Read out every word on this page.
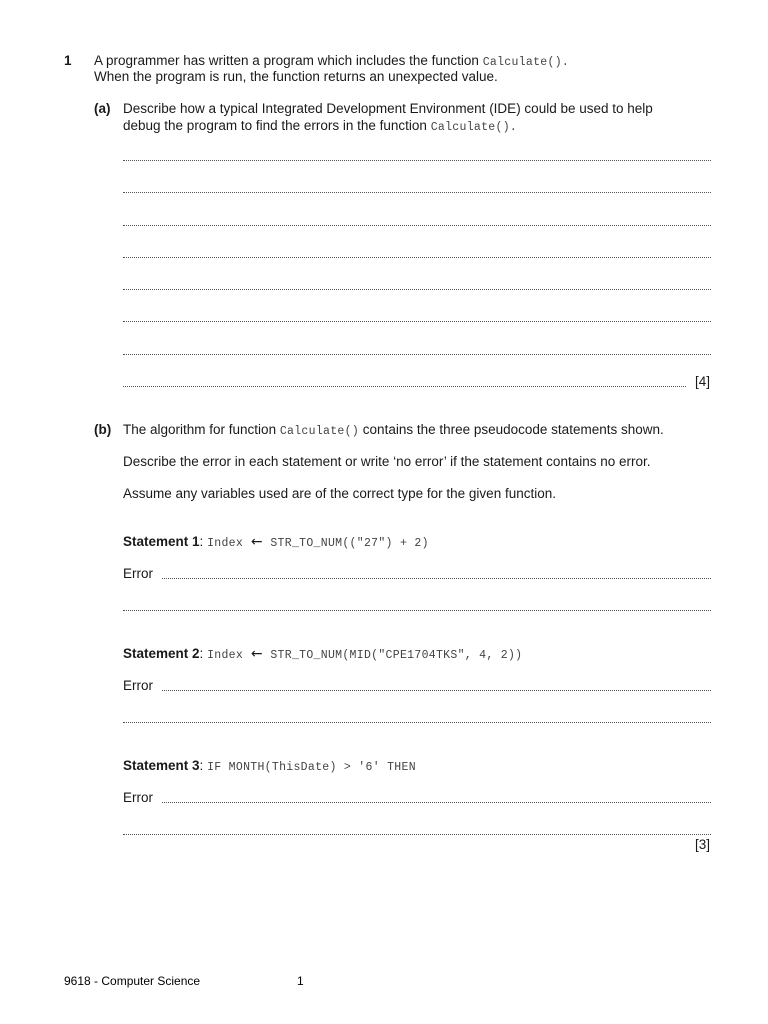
1 A programmer has written a program which includes the function Calculate().
When the program is run, the function returns an unexpected value.
(a) Describe how a typical Integrated Development Environment (IDE) could be used to help
debug the program to find the errors in the function Calculate().
[4]
(b) The algorithm for function Calculate() contains the three pseudocode statements shown.
Describe the error in each statement or write ‘no error’ if the statement contains no error.
Assume any variables used are of the correct type for the given function.
Statement 1: Index ← STR_TO_NUM(("27") + 2)
Error
Statement 2: Index ← STR_TO_NUM(MID("CPE1704TKS", 4, 2))
Error
Statement 3: IF MONTH(ThisDate) > '6' THEN
Error
[3]
9618 - Computer Science	1
